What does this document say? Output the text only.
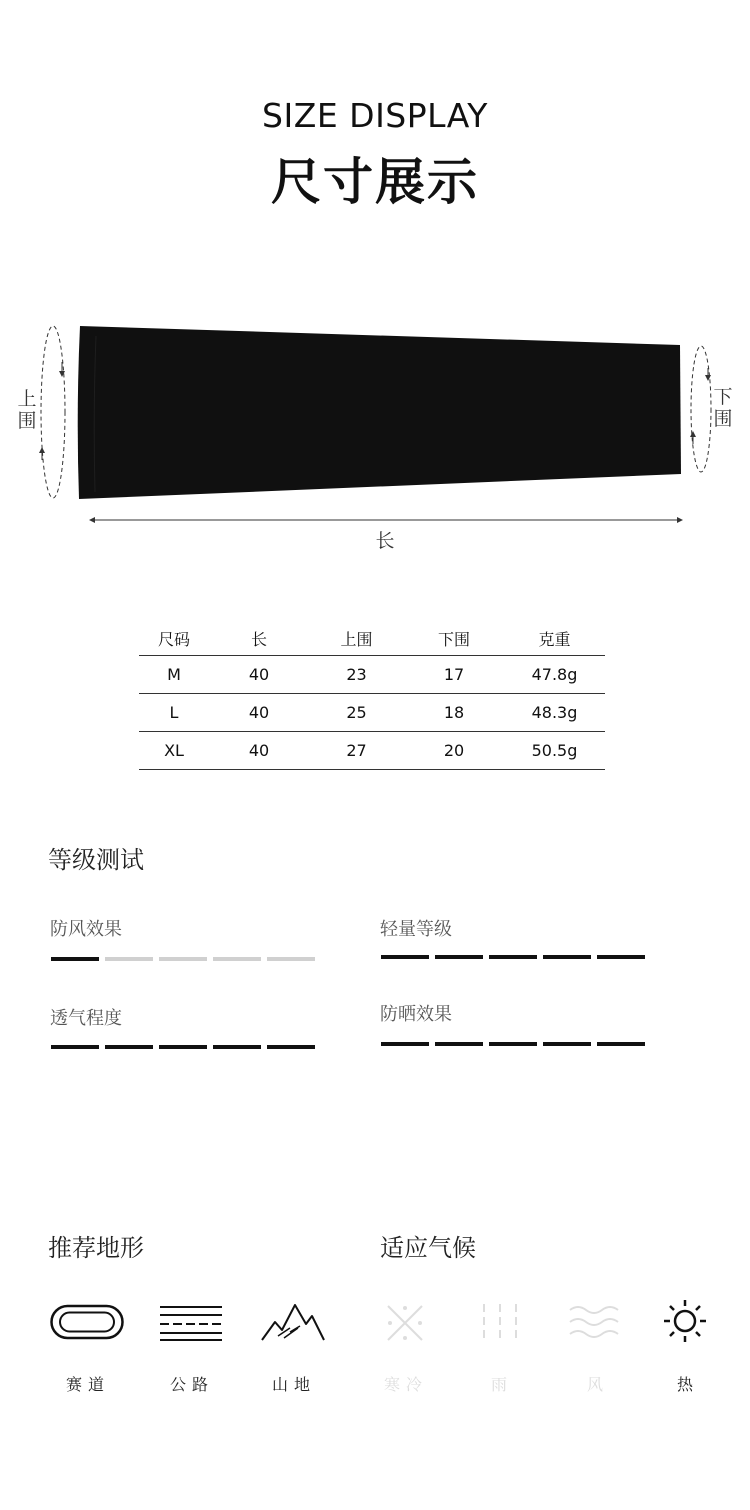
SIZE DISPLAY
尺寸展示
上围
下围
长
尺码	长	上围	下围	克重
M	40	23	17	47.8g
L	40	25	18	48.3g
XL	40	27	20	50.5g
等级测试
防风效果	轻量等级
透气程度	防晒效果
推荐地形	适应气候
赛道	公路	山地	寒冷	雨	风	热
